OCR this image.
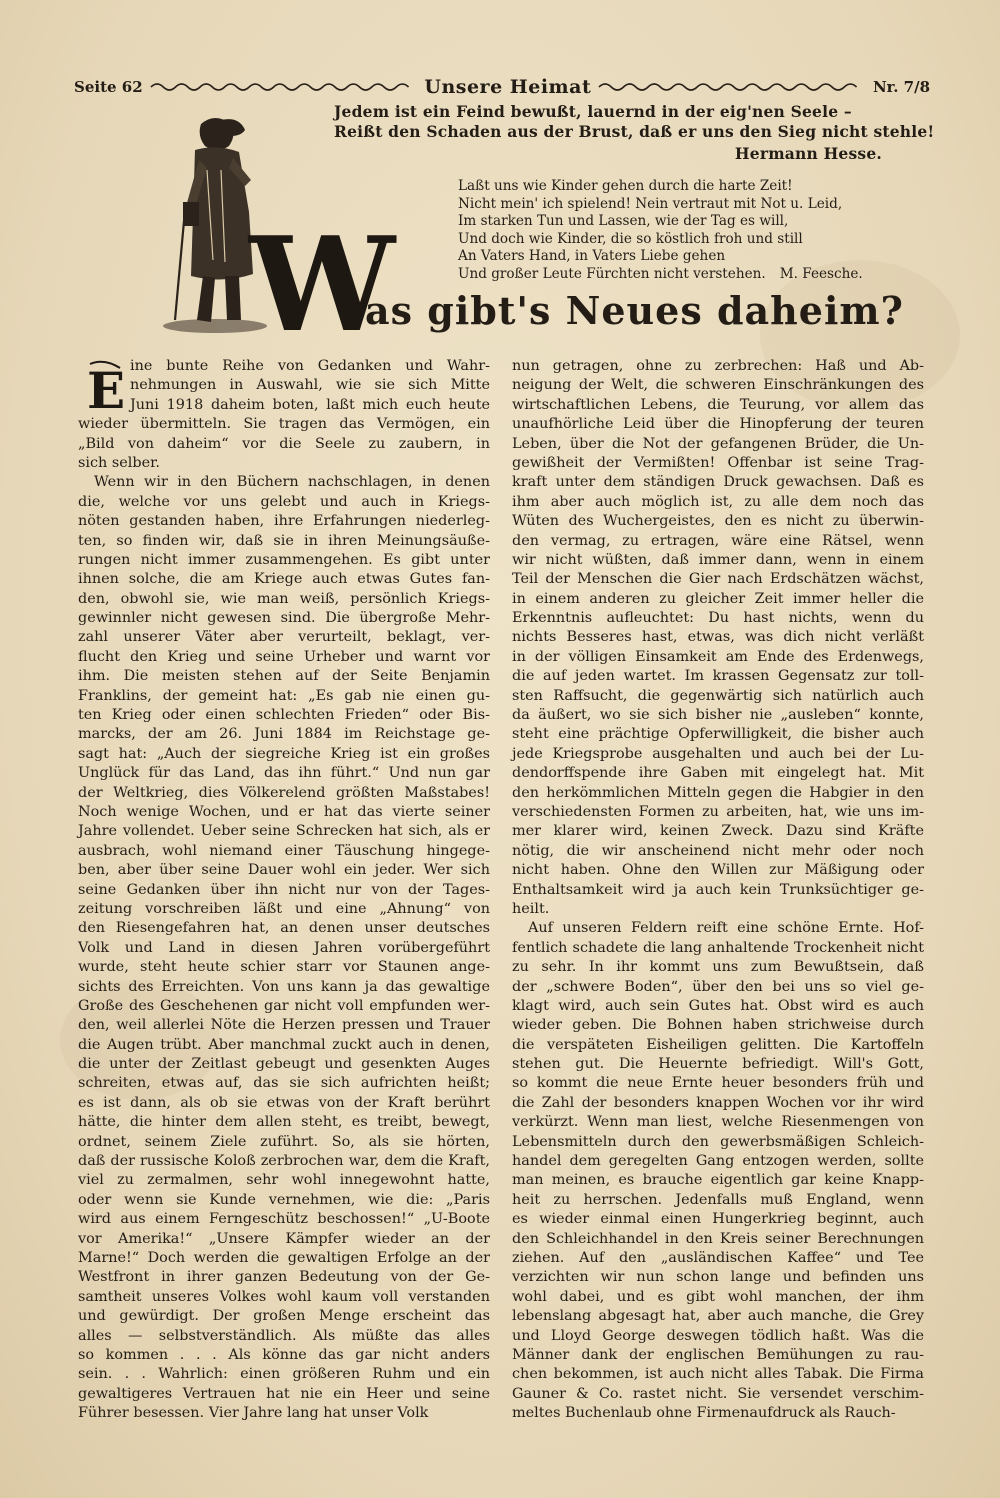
Seite 62	Unsere Heimat	Nr. 7/8
Jedem ist ein Feind bewußt, lauernd in der eig'nen Seele –
Reißt den Schaden aus der Brust, daß er uns den Sieg nicht stehle!
Hermann Hesse.
Laßt uns wie Kinder gehen durch die harte Zeit!
Nicht mein' ich spielend! Nein vertraut mit Not u. Leid,
Im starken Tun und Lassen, wie der Tag es will,
Und doch wie Kinder, die so köstlich froh und still
An Vaters Hand, in Vaters Liebe gehen
Und großer Leute Fürchten nicht verstehen. M. Feesche.
W
as gibt's Neues daheim?
E ine bunte Reihe von Gedanken und Wahr-
nehmungen in Auswahl, wie sie sich Mitte
Juni 1918 daheim boten, laßt mich euch heute
wieder übermitteln. Sie tragen das Vermögen, ein
„Bild von daheim“ vor die Seele zu zaubern, in
sich selber.
Wenn wir in den Büchern nachschlagen, in denen
die, welche vor uns gelebt und auch in Kriegs-
nöten gestanden haben, ihre Erfahrungen niederleg-
ten, so finden wir, daß sie in ihren Meinungsäuße-
rungen nicht immer zusammengehen. Es gibt unter
ihnen solche, die am Kriege auch etwas Gutes fan-
den, obwohl sie, wie man weiß, persönlich Kriegs-
gewinnler nicht gewesen sind. Die übergroße Mehr-
zahl unserer Väter aber verurteilt, beklagt, ver-
flucht den Krieg und seine Urheber und warnt vor
ihm. Die meisten stehen auf der Seite Benjamin
Franklins, der gemeint hat: „Es gab nie einen gu-
ten Krieg oder einen schlechten Frieden“ oder Bis-
marcks, der am 26. Juni 1884 im Reichstage ge-
sagt hat: „Auch der siegreiche Krieg ist ein großes
Unglück für das Land, das ihn führt.“ Und nun gar
der Weltkrieg, dies Völkerelend größten Maßstabes!
Noch wenige Wochen, und er hat das vierte seiner
Jahre vollendet. Ueber seine Schrecken hat sich, als er
ausbrach, wohl niemand einer Täuschung hingege-
ben, aber über seine Dauer wohl ein jeder. Wer sich
seine Gedanken über ihn nicht nur von der Tages-
zeitung vorschreiben läßt und eine „Ahnung“ von
den Riesengefahren hat, an denen unser deutsches
Volk und Land in diesen Jahren vorübergeführt
wurde, steht heute schier starr vor Staunen ange-
sichts des Erreichten. Von uns kann ja das gewaltige
Große des Geschehenen gar nicht voll empfunden wer-
den, weil allerlei Nöte die Herzen pressen und Trauer
die Augen trübt. Aber manchmal zuckt auch in denen,
die unter der Zeitlast gebeugt und gesenkten Auges
schreiten, etwas auf, das sie sich aufrichten heißt;
es ist dann, als ob sie etwas von der Kraft berührt
hätte, die hinter dem allen steht, es treibt, bewegt,
ordnet, seinem Ziele zuführt. So, als sie hörten,
daß der russische Koloß zerbrochen war, dem die Kraft,
viel zu zermalmen, sehr wohl innegewohnt hatte,
oder wenn sie Kunde vernehmen, wie die: „Paris
wird aus einem Ferngeschütz beschossen!“ „U-Boote
vor Amerika!“ „Unsere Kämpfer wieder an der
Marne!“ Doch werden die gewaltigen Erfolge an der
Westfront in ihrer ganzen Bedeutung von der Ge-
samtheit unseres Volkes wohl kaum voll verstanden
und gewürdigt. Der großen Menge erscheint das
alles — selbstverständlich. Als müßte das alles
so kommen . . . Als könne das gar nicht anders
sein. . . Wahrlich: einen größeren Ruhm und ein
gewaltigeres Vertrauen hat nie ein Heer und seine
Führer besessen. Vier Jahre lang hat unser Volk
nun getragen, ohne zu zerbrechen: Haß und Ab-
neigung der Welt, die schweren Einschränkungen des
wirtschaftlichen Lebens, die Teurung, vor allem das
unaufhörliche Leid über die Hinopferung der teuren
Leben, über die Not der gefangenen Brüder, die Un-
gewißheit der Vermißten! Offenbar ist seine Trag-
kraft unter dem ständigen Druck gewachsen. Daß es
ihm aber auch möglich ist, zu alle dem noch das
Wüten des Wuchergeistes, den es nicht zu überwin-
den vermag, zu ertragen, wäre eine Rätsel, wenn
wir nicht wüßten, daß immer dann, wenn in einem
Teil der Menschen die Gier nach Erdschätzen wächst,
in einem anderen zu gleicher Zeit immer heller die
Erkenntnis aufleuchtet: Du hast nichts, wenn du
nichts Besseres hast, etwas, was dich nicht verläßt
in der völligen Einsamkeit am Ende des Erdenwegs,
die auf jeden wartet. Im krassen Gegensatz zur toll-
sten Raffsucht, die gegenwärtig sich natürlich auch
da äußert, wo sie sich bisher nie „ausleben“ konnte,
steht eine prächtige Opferwilligkeit, die bisher auch
jede Kriegsprobe ausgehalten und auch bei der Lu-
dendorffspende ihre Gaben mit eingelegt hat. Mit
den herkömmlichen Mitteln gegen die Habgier in den
verschiedensten Formen zu arbeiten, hat, wie uns im-
mer klarer wird, keinen Zweck. Dazu sind Kräfte
nötig, die wir anscheinend nicht mehr oder noch
nicht haben. Ohne den Willen zur Mäßigung oder
Enthaltsamkeit wird ja auch kein Trunksüchtiger ge-
heilt.
Auf unseren Feldern reift eine schöne Ernte. Hof-
fentlich schadete die lang anhaltende Trockenheit nicht
zu sehr. In ihr kommt uns zum Bewußtsein, daß
der „schwere Boden“, über den bei uns so viel ge-
klagt wird, auch sein Gutes hat. Obst wird es auch
wieder geben. Die Bohnen haben strichweise durch
die verspäteten Eisheiligen gelitten. Die Kartoffeln
stehen gut. Die Heuernte befriedigt. Will's Gott,
so kommt die neue Ernte heuer besonders früh und
die Zahl der besonders knappen Wochen vor ihr wird
verkürzt. Wenn man liest, welche Riesenmengen von
Lebensmitteln durch den gewerbsmäßigen Schleich-
handel dem geregelten Gang entzogen werden, sollte
man meinen, es brauche eigentlich gar keine Knapp-
heit zu herrschen. Jedenfalls muß England, wenn
es wieder einmal einen Hungerkrieg beginnt, auch
den Schleichhandel in den Kreis seiner Berechnungen
ziehen. Auf den „ausländischen Kaffee“ und Tee
verzichten wir nun schon lange und befinden uns
wohl dabei, und es gibt wohl manchen, der ihm
lebenslang abgesagt hat, aber auch manche, die Grey
und Lloyd George deswegen tödlich haßt. Was die
Männer dank der englischen Bemühungen zu rau-
chen bekommen, ist auch nicht alles Tabak. Die Firma
Gauner & Co. rastet nicht. Sie versendet verschim-
meltes Buchenlaub ohne Firmenaufdruck als Rauch-
